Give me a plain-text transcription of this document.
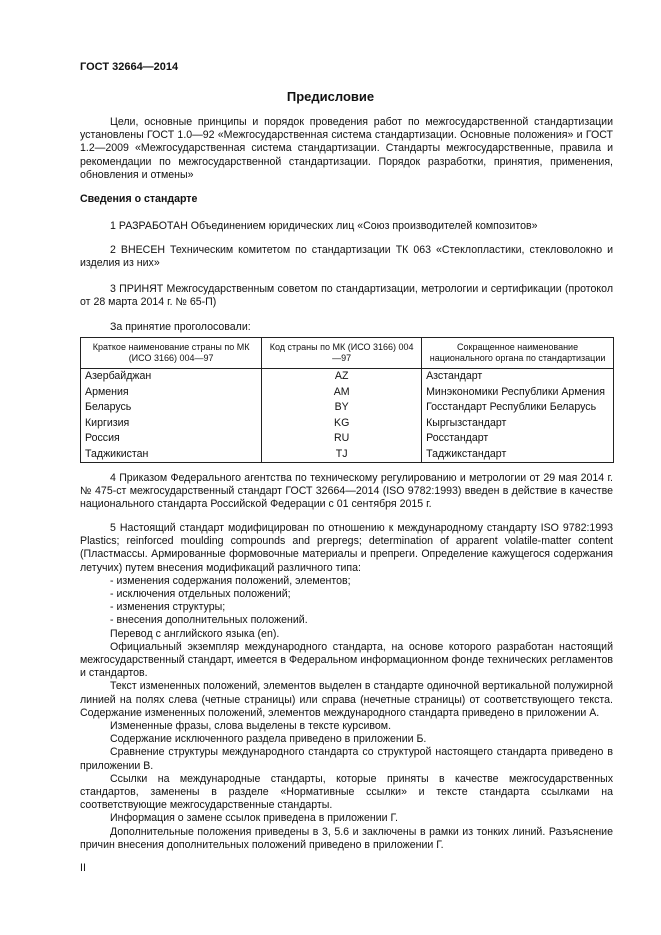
ГОСТ 32664—2014
Предисловие

Цели, основные принципы и порядок проведения работ по межгосударственной стандартизации установлены ГОСТ 1.0—92 «Межгосударственная система стандартизации. Основные положения» и ГОСТ 1.2—2009 «Межгосударственная система стандартизации. Стандарты межгосударственные, правила и рекомендации по межгосударственной стандартизации. Порядок разработки, принятия, применения, обновления и отмены»

Сведения о стандарте

1 РАЗРАБОТАН Объединением юридических лиц «Союз производителей композитов»

2 ВНЕСЕН Техническим комитетом по стандартизации ТК 063 «Стеклопластики, стекловолокно и изделия из них»

3 ПРИНЯТ Межгосударственным советом по стандартизации, метрологии и сертификации (протокол от 28 марта 2014 г. № 65-П)

За принятие проголосовали:

Краткое наименование страны по МК (ИСО 3166) 004—97	Код страны по МК (ИСО 3166) 004—97	Сокращенное наименование национального органа по стандартизации
Азербайджан	AZ	Азстандарт
Армения	AM	Минэкономики Республики Армения
Беларусь	BY	Госстандарт Республики Беларусь
Киргизия	KG	Кыргызстандарт
Россия	RU	Росстандарт
Таджикистан	TJ	Таджикстандарт

4 Приказом Федерального агентства по техническому регулированию и метрологии от 29 мая 2014 г. № 475-ст межгосударственный стандарт ГОСТ 32664—2014 (ISO 9782:1993) введен в действие в качестве национального стандарта Российской Федерации с 01 сентября 2015 г.

5 Настоящий стандарт модифицирован по отношению к международному стандарту ISO 9782:1993 Plastics; reinforced moulding compounds and prepregs; determination of apparent volatile-matter content (Пластмассы. Армированные формовочные материалы и препреги. Определение кажущегося содержания летучих) путем внесения модификаций различного типа:

- изменения содержания положений, элементов;

- исключения отдельных положений;

- изменения структуры;

- внесения дополнительных положений.

Перевод с английского языка (en).

Официальный экземпляр международного стандарта, на основе которого разработан настоящий межгосударственный стандарт, имеется в Федеральном информационном фонде технических регламентов и стандартов.

Текст измененных положений, элементов выделен в стандарте одиночной вертикальной полужирной линией на полях слева (четные страницы) или справа (нечетные страницы) от соответствующего текста. Содержание измененных положений, элементов международного стандарта приведено в приложении А.

Измененные фразы, слова выделены в тексте курсивом.

Содержание исключенного раздела приведено в приложении Б.

Сравнение структуры международного стандарта со структурой настоящего стандарта приведено в приложении В.

Ссылки на международные стандарты, которые приняты в качестве межгосударственных стандартов, заменены в разделе «Нормативные ссылки» и тексте стандарта ссылками на соответствующие межгосударственные стандарты.

Информация о замене ссылок приведена в приложении Г.

Дополнительные положения приведены в 3, 5.6 и заключены в рамки из тонких линий. Разъяснение причин внесения дополнительных положений приведено в приложении Г.

II
